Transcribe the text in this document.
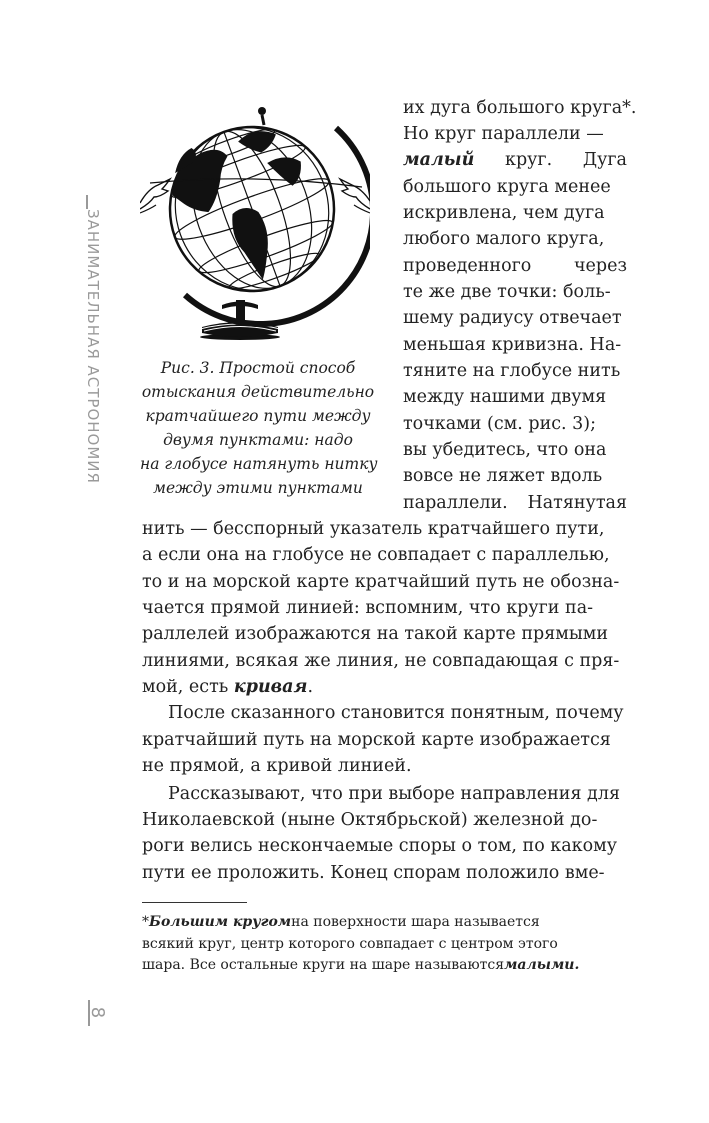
ЗАНИМАТЕЛЬНАЯ АСТРОНОМИЯ
8

Рис. 3. Простой способ

отыскания действительно

кратчайшего пути между

двумя пунктами: надо

на глобусе натянуть нитку

между этими пунктами

их дуга большого круга*.
Но круг параллели —
малый круг. Дуга
большого круга менее
искривлена, чем дуга
любого малого круга,
проведенного через
те же две точки: боль-
шему радиусу отвечает
меньшая кривизна. На-
тяните на глобусе нить
между нашими двумя
точками (см. рис. 3);
вы убедитесь, что она
вовсе не ляжет вдоль
параллели. Натянутая
нить — бесспорный указатель кратчайшего пути,
а если она на глобусе не совпадает с параллелью,
то и на морской карте кратчайший путь не обозна-
чается прямой линией: вспомним, что круги па-
раллелей изображаются на такой карте прямыми
линиями, всякая же линия, не совпадающая с пря-
мой, есть кривая.
После сказанного становится понятным, почему
кратчайший путь на морской карте изображается
не прямой, а кривой линией.
Рассказывают, что при выборе направления для
Николаевской (ныне Октябрьской) железной до-
роги велись нескончаемые споры о том, по какому
пути ее проложить. Конец спорам положило вме-
* Большим кругом на поверхности шара называется
всякий круг, центр которого совпадает с центром этого
шара. Все остальные круги на шаре называются малыми.
